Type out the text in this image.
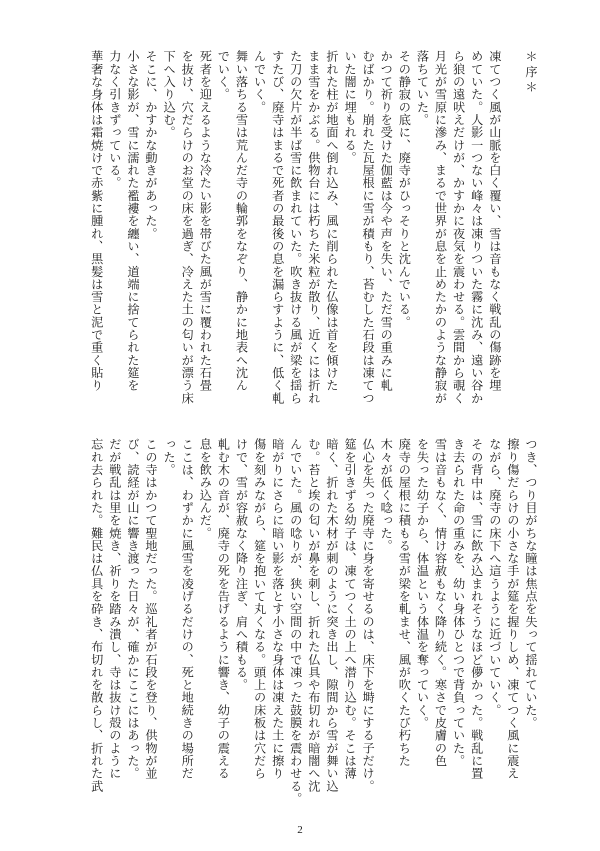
＊序＊

凍てつく風が山脈を白く覆い、雪は音もなく戦乱の傷跡を埋
めていた。人影一つない峰々は凍りついた霧に沈み、遠い谷か
ら狼の遠吠えだけが、かすかに夜気を震わせる。雲間から覗く
月光が雪原に滲み、まるで世界が息を止めたかのような静寂が
落ちていた。
その静寂の底に、廃寺がひっそりと沈んでいる。
かつて祈りを受けた伽藍は今や声を失い、ただ雪の重みに軋
むばかり。崩れた瓦屋根に雪が積もり、苔むした石段は凍てつ
いた闇に埋もれる。
折れた柱が地面へ倒れ込み、風に削られた仏像は首を傾けた
まま雪をかぶる。供物台には朽ちた米粒が散り、近くには折れ
た刀の欠片が半ば雪に飲まれていた。吹き抜ける風が梁を揺ら
すたび、廃寺はまるで死者の最後の息を漏らすように、低く軋
んでいく。
舞い落ちる雪は荒んだ寺の輪郭をなぞり、静かに地表へ沈ん
でいく。
死者を迎えるような冷たい影を帯びた風が雪に覆われた石畳
を抜け、穴だらけのお堂の床を過ぎ、冷えた土の匂いが漂う床
下へ入り込む。
そこに、かすかな動きがあった。
小さな影が、雪に濡れた襤褸を纏い、道端に捨てられた筵を
力なく引きずっている。
華奢な身体は霜焼けで赤紫に腫れ、黒髪は雪と泥で重く貼り
つき、つり目がちな瞳は焦点を失って揺れていた。
擦り傷だらけの小さな手が筵を握りしめ、凍てつく風に震え
ながら、廃寺の床下へ這うように近づいていく。
その背中は、雪に飲み込まれそうなほど儚かった。戦乱に置
き去られた命の重みを、幼い身体ひとつで背負っていた。
雪は音もなく、情け容赦もなく降り続く。寒さで皮膚の色
を失った幼子から、体温という体温を奪っていく。
廃寺の屋根に積もる雪が梁を軋ませ、風が吹くたび朽ちた
木々が低く唸った。
仏心を失った廃寺に身を寄せるのは、床下を塒にする子だけ。
筵を引きずる幼子は、凍てつく土の上へ潜り込む。そこは薄
暗く、折れた木材が刺のように突き出し、隙間から雪が舞い込
む。苔と埃の匂いが鼻を刺し、折れた仏具や布切れが暗闇へ沈
んでいた。風の唸りが、狭い空間の中で凍った鼓膜を震わせる。
暗がりにさらに暗い影を落とす小さな身体は凍えた土に擦り
傷を刻みながら、筵を抱いて丸くなる。頭上の床板は穴だら
けで、雪が容赦なく降り注ぎ、肩へ積もる。
軋む木の音が、廃寺の死を告げるように響き、幼子の震える
息を飲み込んだ。
ここは、わずかに風雪を凌げるだけの、死と地続きの場所だ
った。
この寺はかつて聖地だった。巡礼者が石段を登り、供物が並
び、読経が山に響き渡った日々が、確かにここにはあった。
だが戦乱は里を焼き、祈りを踏み潰し、寺は抜け殻のように
忘れ去られた。難民は仏具を砕き、布切れを散らし、折れた武
2
